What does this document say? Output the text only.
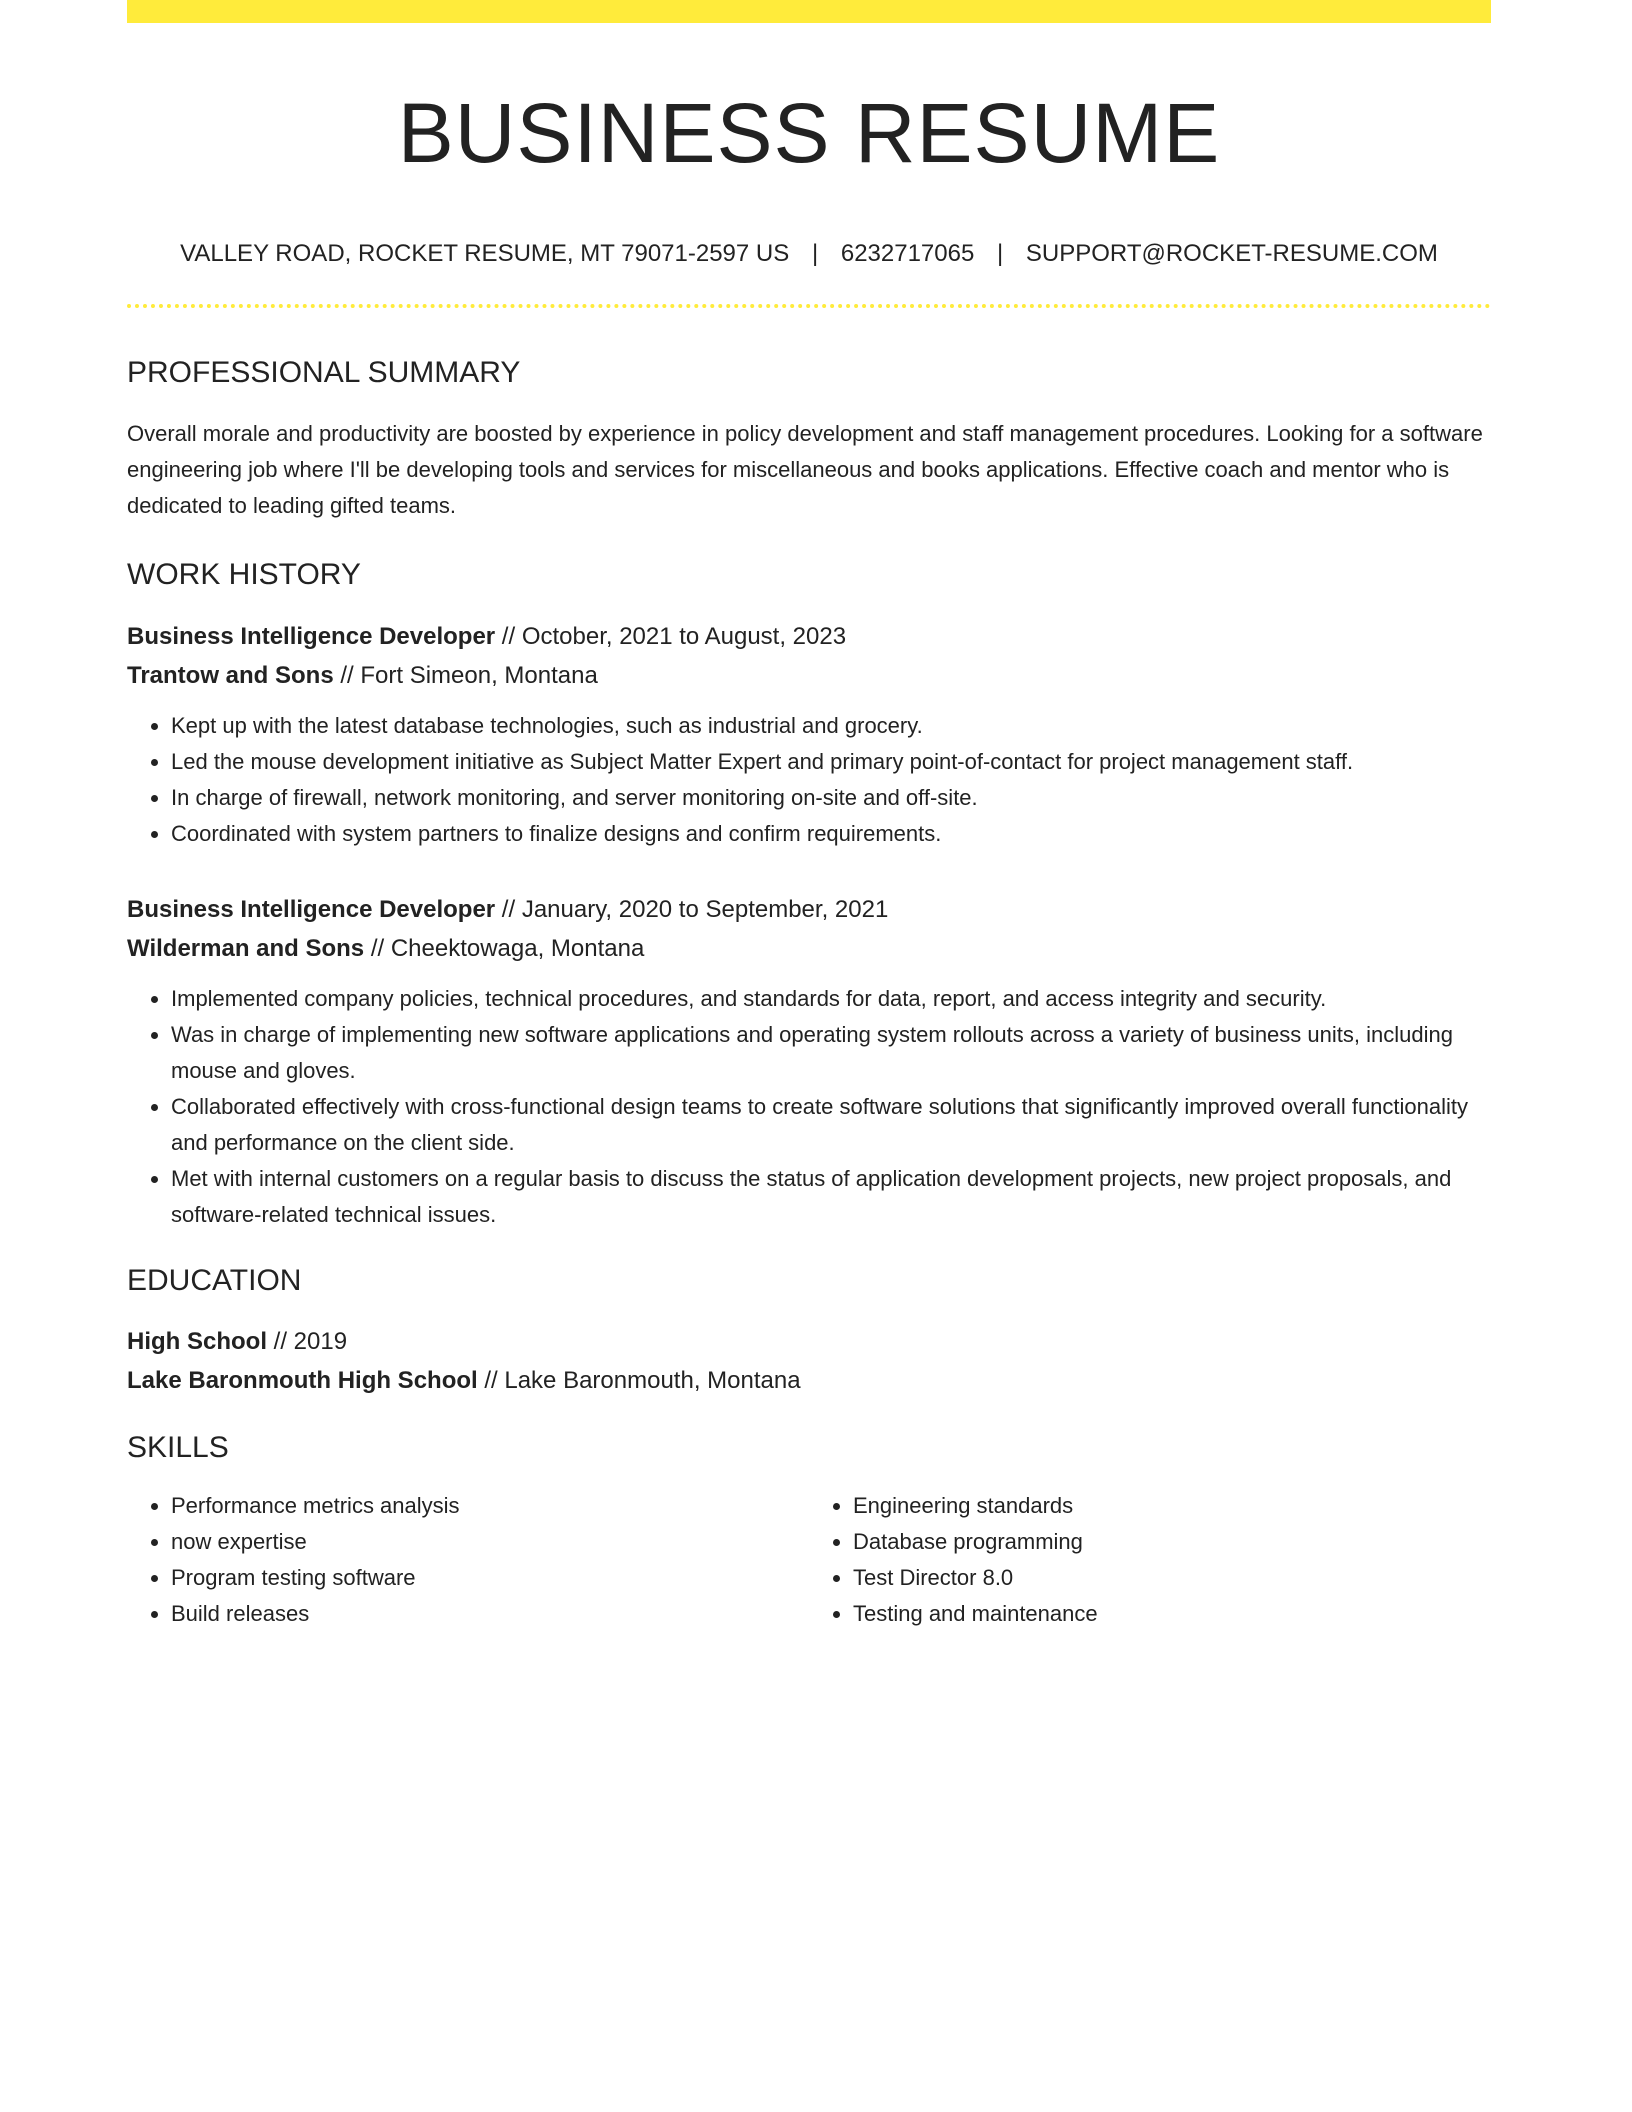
BUSINESS RESUME
VALLEY ROAD, ROCKET RESUME, MT 79071-2597 US | 6232717065 | SUPPORT@ROCKET-RESUME.COM
PROFESSIONAL SUMMARY

Overall morale and productivity are boosted by experience in policy development and staff management procedures. Looking for a software engineering job where I'll be developing tools and services for miscellaneous and books applications. Effective coach and mentor who is dedicated to leading gifted teams.

WORK HISTORY
Business Intelligence Developer // October, 2021 to August, 2023
Trantow and Sons // Fort Simeon, Montana
• Kept up with the latest database technologies, such as industrial and grocery.
• Led the mouse development initiative as Subject Matter Expert and primary point-of-contact for project management staff.
• In charge of firewall, network monitoring, and server monitoring on-site and off-site.
• Coordinated with system partners to finalize designs and confirm requirements.
Business Intelligence Developer // January, 2020 to September, 2021
Wilderman and Sons // Cheektowaga, Montana
• Implemented company policies, technical procedures, and standards for data, report, and access integrity and security.
• Was in charge of implementing new software applications and operating system rollouts across a variety of business units, including mouse and gloves.
• Collaborated effectively with cross-functional design teams to create software solutions that significantly improved overall functionality and performance on the client side.
• Met with internal customers on a regular basis to discuss the status of application development projects, new project proposals, and software-related technical issues.
EDUCATION
High School // 2019
Lake Baronmouth High School // Lake Baronmouth, Montana
SKILLS
• Performance metrics analysis
• now expertise
• Program testing software
• Build releases
• Engineering standards
• Database programming
• Test Director 8.0
• Testing and maintenance
